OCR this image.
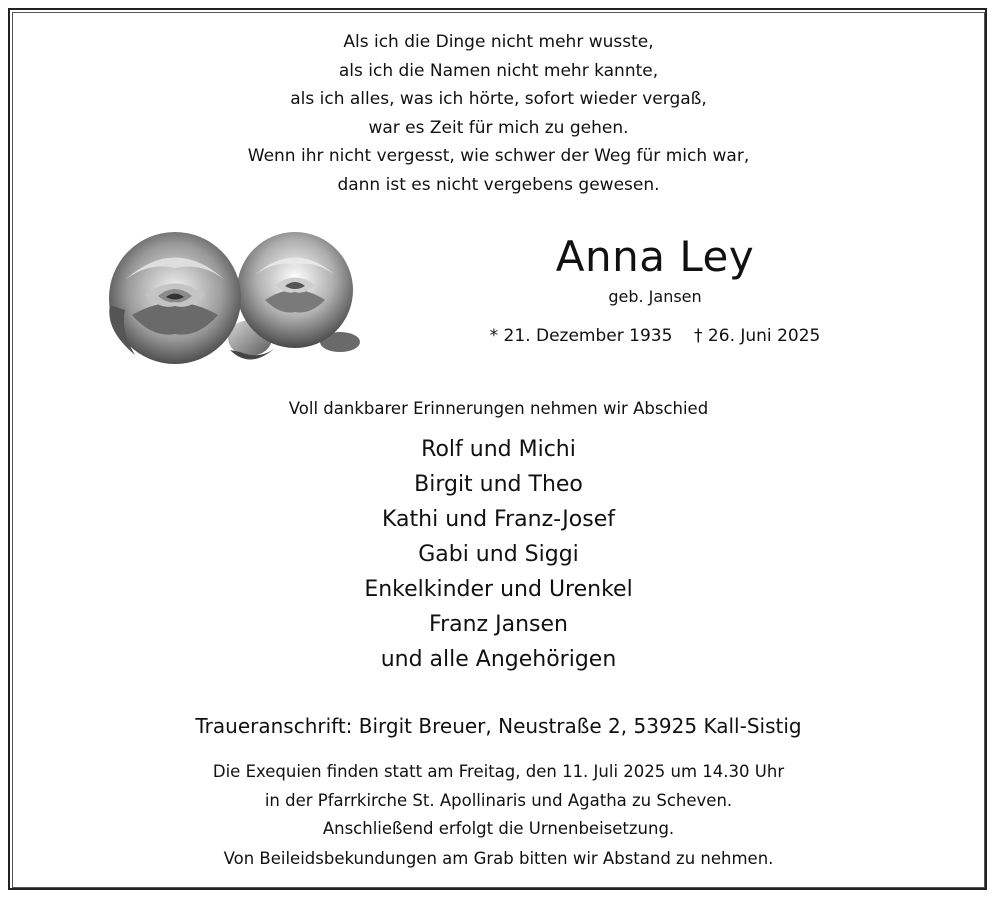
Als ich die Dinge nicht mehr wusste,
als ich die Namen nicht mehr kannte,
als ich alles, was ich hörte, sofort wieder vergaß,
war es Zeit für mich zu gehen.
Wenn ihr nicht vergesst, wie schwer der Weg für mich war,
dann ist es nicht vergebens gewesen.
Anna Ley
geb. Jansen
* 21. Dezember 1935 † 26. Juni 2025
Voll dankbarer Erinnerungen nehmen wir Abschied
Rolf und Michi
Birgit und Theo
Kathi und Franz-Josef
Gabi und Siggi
Enkelkinder und Urenkel
Franz Jansen
und alle Angehörigen
Traueranschrift: Birgit Breuer, Neustraße 2, 53925 Kall-Sistig
Die Exequien finden statt am Freitag, den 11. Juli 2025 um 14.30 Uhr
in der Pfarrkirche St. Apollinaris und Agatha zu Scheven.
Anschließend erfolgt die Urnenbeisetzung.
Von Beileidsbekundungen am Grab bitten wir Abstand zu nehmen.
